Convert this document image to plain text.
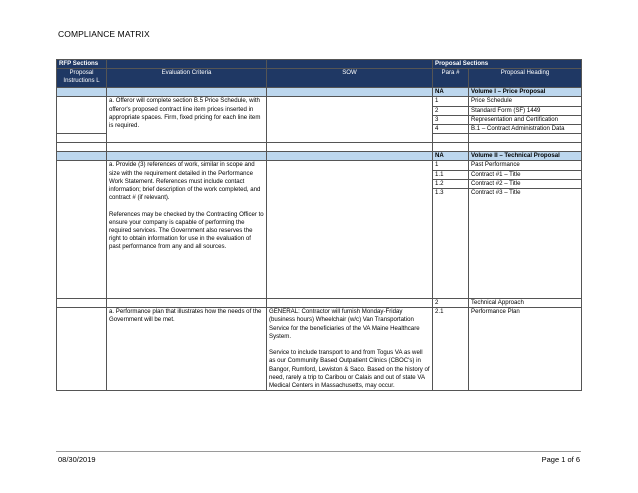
COMPLIANCE MATRIX
RFP Sections			Proposal Sections	
Proposal Instructions L	Evaluation Criteria	SOW	Para #	Proposal Heading
			NA	Volume I – Price Proposal
	a. Offeror will complete section B.5 Price Schedule, with offeror's proposed contract line item prices inserted in appropriate spaces. Firm, fixed pricing for each line item is required.		1	Price Schedule
			2	Standard Form (SF) 1449
			3	Representation and Certification
			4	B.1 – Contract Administration Data

			NA	Volume II – Technical Proposal
	a. Provide (3) references of work, similar in scope and size with the requirement detailed in the Performance Work Statement. References must include contact information; brief description of the work completed, and contract # (if relevant).

References may be checked by the Contracting Officer to ensure your company is capable of performing the required services. The Government also reserves the right to obtain information for use in the evaluation of past performance from any and all sources.		1	Past Performance
			1.1	Contract #1 – Title
			1.2	Contract #2 – Title
			1.3	Contract #3 – Title
			2	Technical Approach
	a. Performance plan that illustrates how the needs of the Government will be met.	GENERAL: Contractor will furnish Monday-Friday (business hours) Wheelchair (w/c) Van Transportation Service for the beneficiaries of the VA Maine Healthcare System.

Service to include transport to and from Togus VA as well as our Community Based Outpatient Clinics (CBOC's) in Bangor, Rumford, Lewiston & Saco. Based on the history of need, rarely a trip to Caribou or Calais and out of state VA Medical Centers in Massachusetts, may occur.	2.1	Performance Plan
08/30/2019	Page 1 of 6
